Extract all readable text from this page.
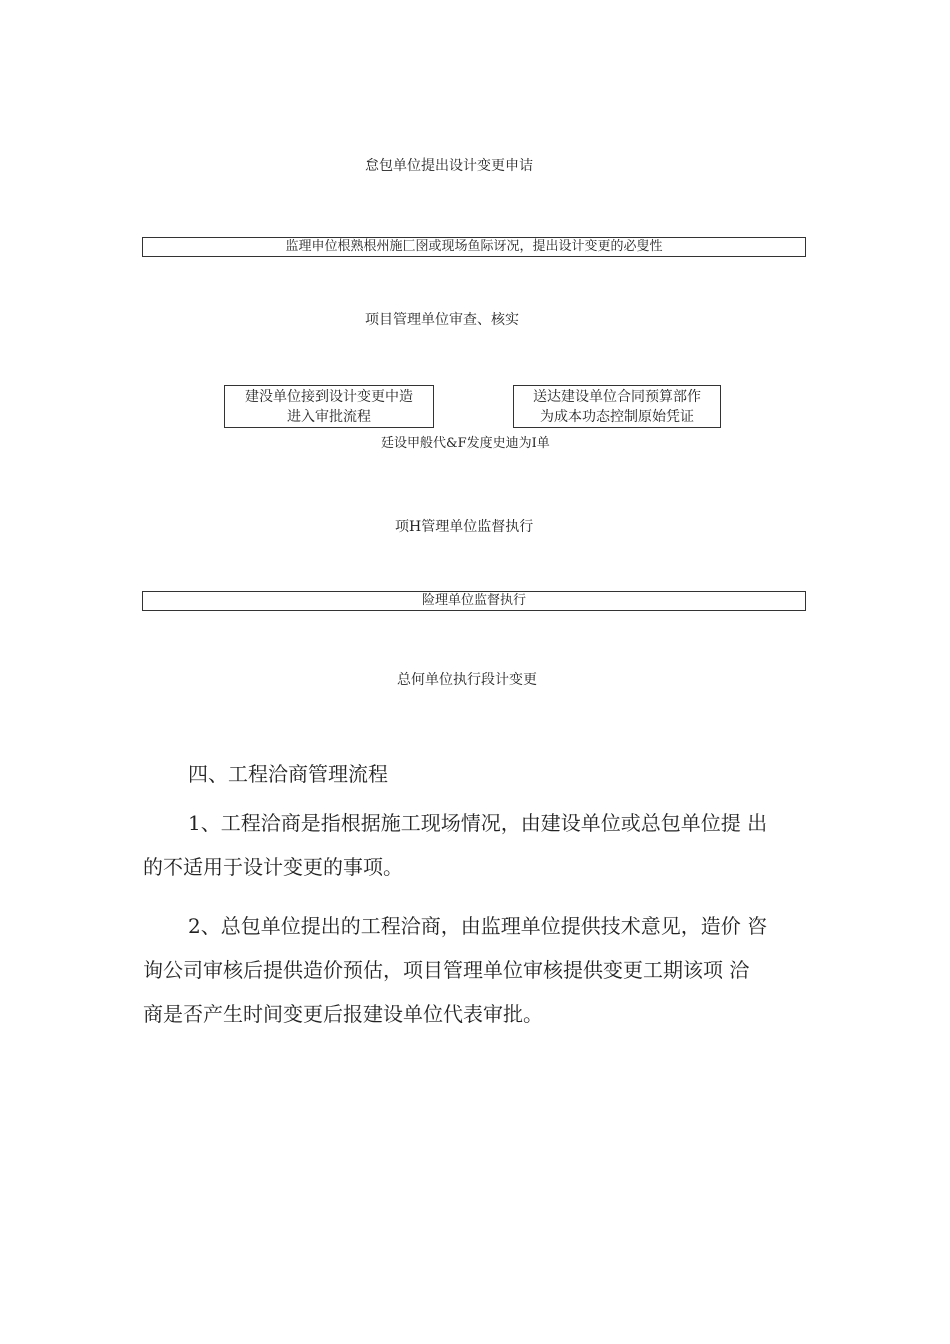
怠包单位提出设计变更申诘
监理申位根熟根州施匚囹或现场鱼际讶况，提出设计变更的必叟性
项目管理单位审查、核实
建没单位接到设计变更中造
进入审批流程
送达建设单位合同预算部作
为成本功态控制原始凭证
廷设甲般代&F发度史迪为I单
项H管理单位监督执行
险理单位监督执行
总何单位执行段计变更
四、工程洽商管理流程
1、工程洽商是指根据施工现场情况，由建设单位或总包单位提 出
的不适用于设计变更的事项。
2、总包单位提出的工程洽商，由监理单位提供技术意见，造价 咨
询公司审核后提供造价预估，项目管理单位审核提供变更工期该项 洽
商是否产生时间变更后报建设单位代表审批。
